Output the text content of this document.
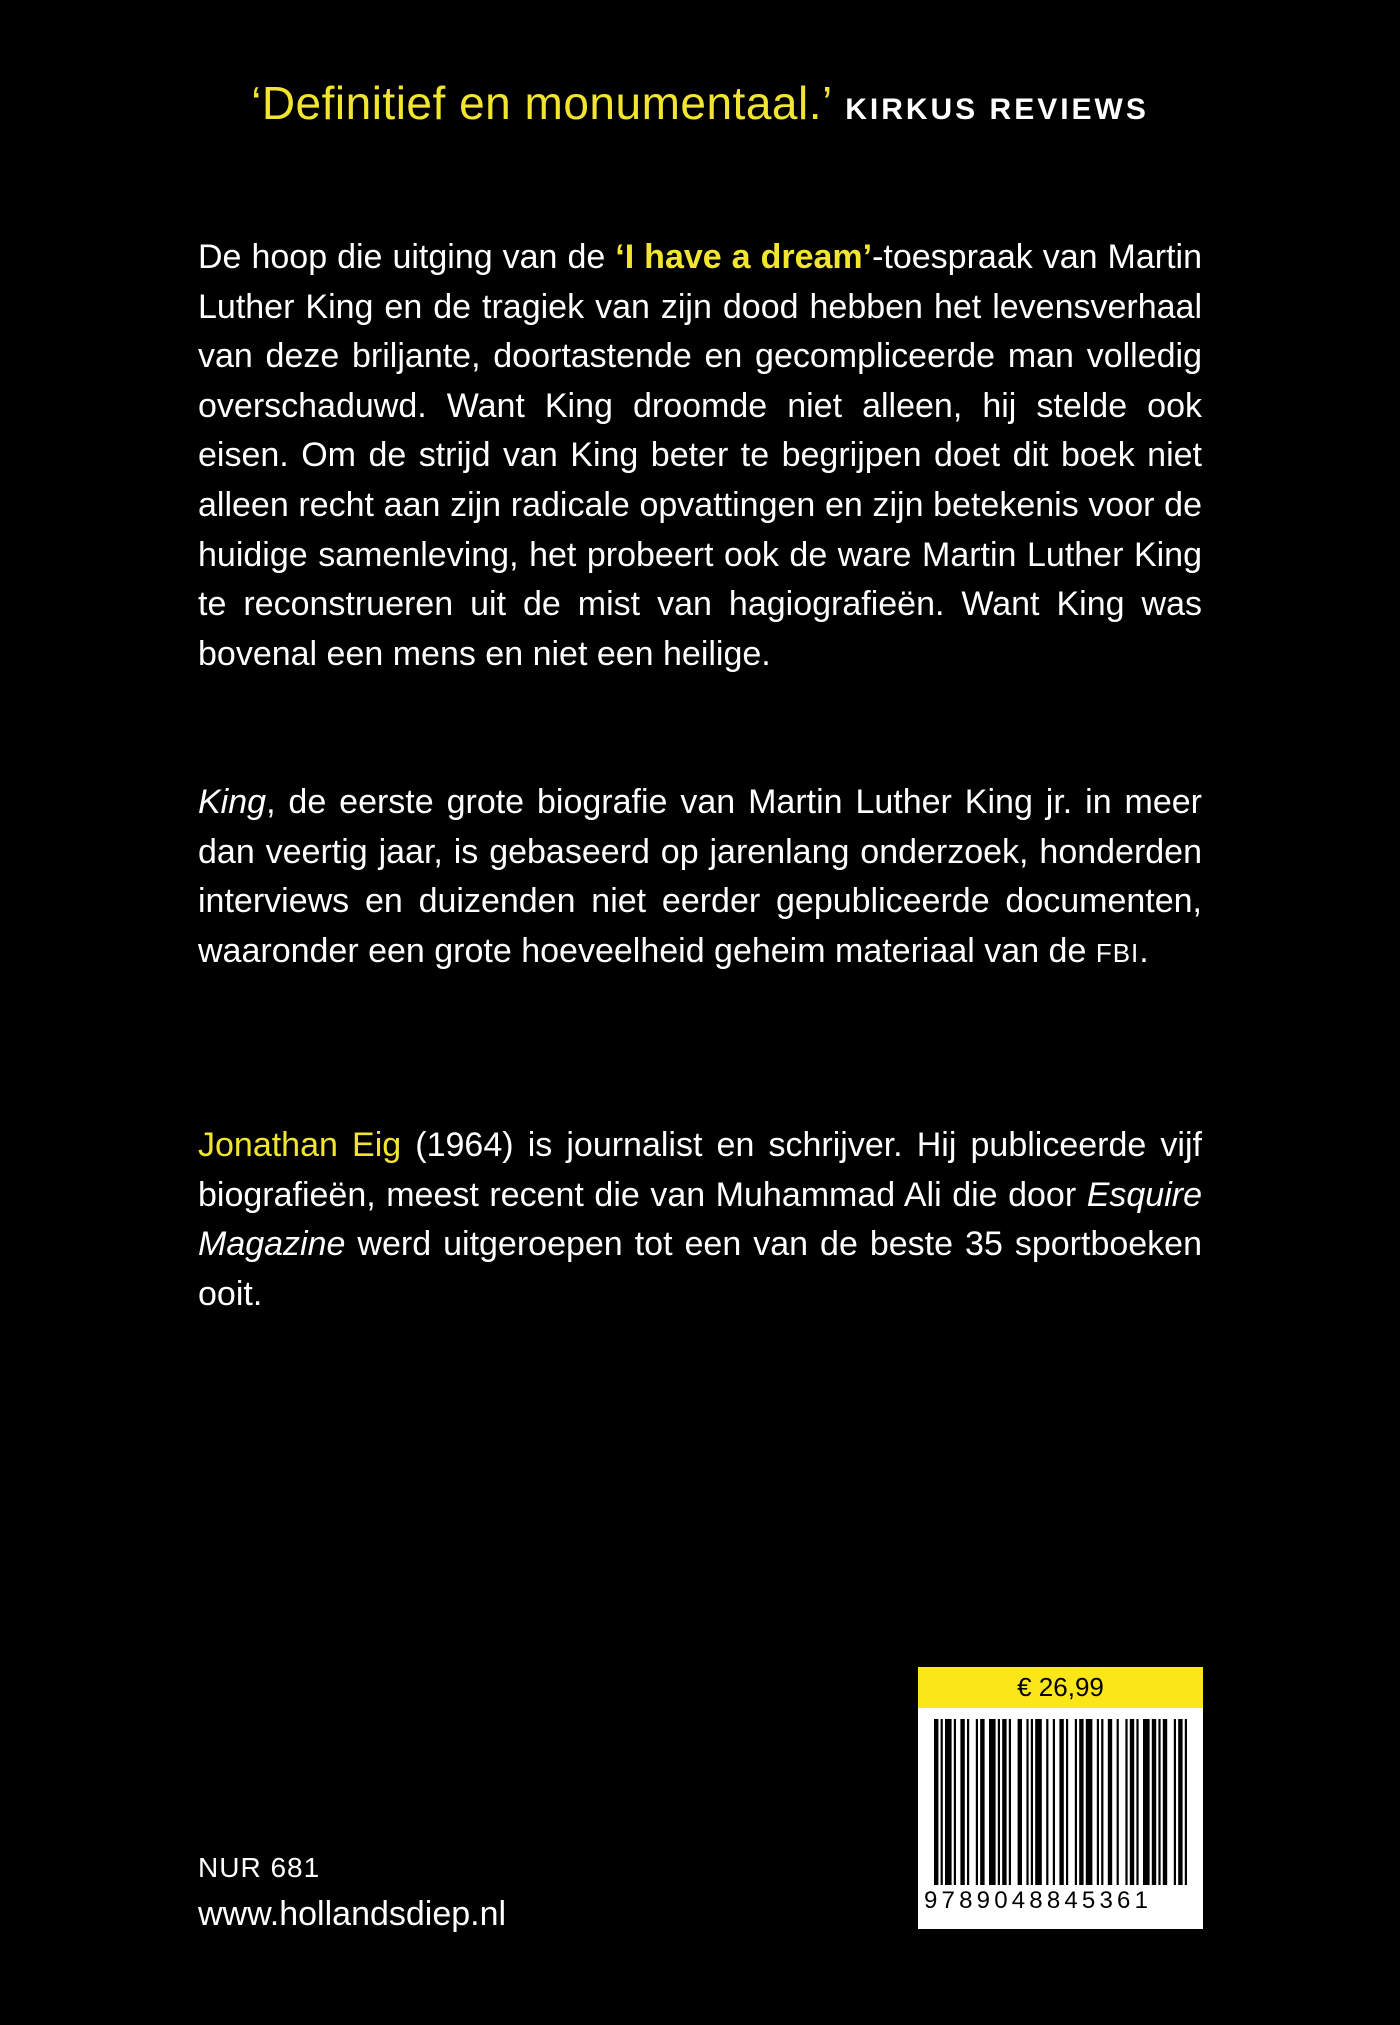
‘Definitief en monumentaal.’ KIRKUS REVIEWS
De hoop die uitging van de ‘I have a dream’-toespraak van Martin Luther King en de tragiek van zijn dood hebben het levensverhaal van deze briljante, doortastende en gecompliceerde man volledig overschaduwd. Want King droomde niet alleen, hij stelde ook eisen. Om de strijd van King beter te begrijpen doet dit boek niet alleen recht aan zijn radicale opvattingen en zijn betekenis voor de huidige samenleving, het probeert ook de ware Martin Luther King te reconstrueren uit de mist van hagiografieën. Want King was bovenal een mens en niet een heilige.
King, de eerste grote biografie van Martin Luther King jr. in meer dan veertig jaar, is gebaseerd op jarenlang onderzoek, honderden interviews en duizenden niet eerder gepubliceerde documenten, waaronder een grote hoeveelheid geheim materiaal van de FBI.
Jonathan Eig (1964) is journalist en schrijver. Hij publiceerde vijf biografieën, meest recent die van Muhammad Ali die door Esquire Magazine werd uitgeroepen tot een van de beste 35 sportboeken ooit.
NUR 681
www.hollandsdiep.nl
€ 26,99
9789048845361
